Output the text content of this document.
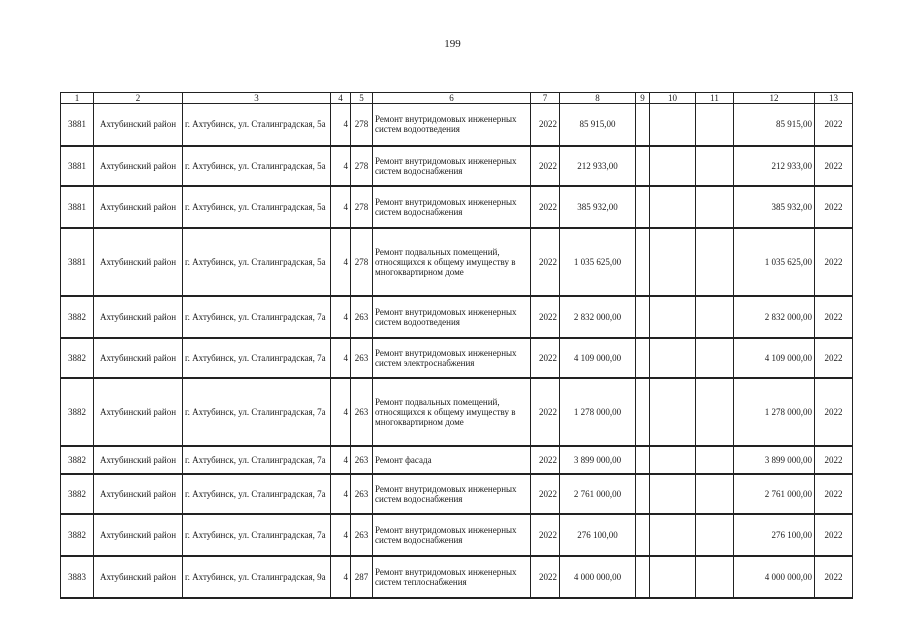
199
1	2	3	4	5	6	7	8	9	10	11	12	13
3881	Ахтубинский район	г. Ахтубинск, ул. Сталинградская, 5а	4	278	Ремонт внутридомовых инженерных систем водоотведения	2022	85 915,00				85 915,00	2022
3881	Ахтубинский район	г. Ахтубинск, ул. Сталинградская, 5а	4	278	Ремонт внутридомовых инженерных систем водоснабжения	2022	212 933,00				212 933,00	2022
3881	Ахтубинский район	г. Ахтубинск, ул. Сталинградская, 5а	4	278	Ремонт внутридомовых инженерных систем водоснабжения	2022	385 932,00				385 932,00	2022
3881	Ахтубинский район	г. Ахтубинск, ул. Сталинградская, 5а	4	278	Ремонт подвальных помещений, относящихся к общему имуществу в многоквартирном доме	2022	1 035 625,00				1 035 625,00	2022
3882	Ахтубинский район	г. Ахтубинск, ул. Сталинградская, 7а	4	263	Ремонт внутридомовых инженерных систем водоотведения	2022	2 832 000,00				2 832 000,00	2022
3882	Ахтубинский район	г. Ахтубинск, ул. Сталинградская, 7а	4	263	Ремонт внутридомовых инженерных систем электроснабжения	2022	4 109 000,00				4 109 000,00	2022
3882	Ахтубинский район	г. Ахтубинск, ул. Сталинградская, 7а	4	263	Ремонт подвальных помещений, относящихся к общему имуществу в многоквартирном доме	2022	1 278 000,00				1 278 000,00	2022
3882	Ахтубинский район	г. Ахтубинск, ул. Сталинградская, 7а	4	263	Ремонт фасада	2022	3 899 000,00				3 899 000,00	2022
3882	Ахтубинский район	г. Ахтубинск, ул. Сталинградская, 7а	4	263	Ремонт внутридомовых инженерных систем водоснабжения	2022	2 761 000,00				2 761 000,00	2022
3882	Ахтубинский район	г. Ахтубинск, ул. Сталинградская, 7а	4	263	Ремонт внутридомовых инженерных систем водоснабжения	2022	276 100,00				276 100,00	2022
3883	Ахтубинский район	г. Ахтубинск, ул. Сталинградская, 9а	4	287	Ремонт внутридомовых инженерных систем теплоснабжения	2022	4 000 000,00				4 000 000,00	2022
